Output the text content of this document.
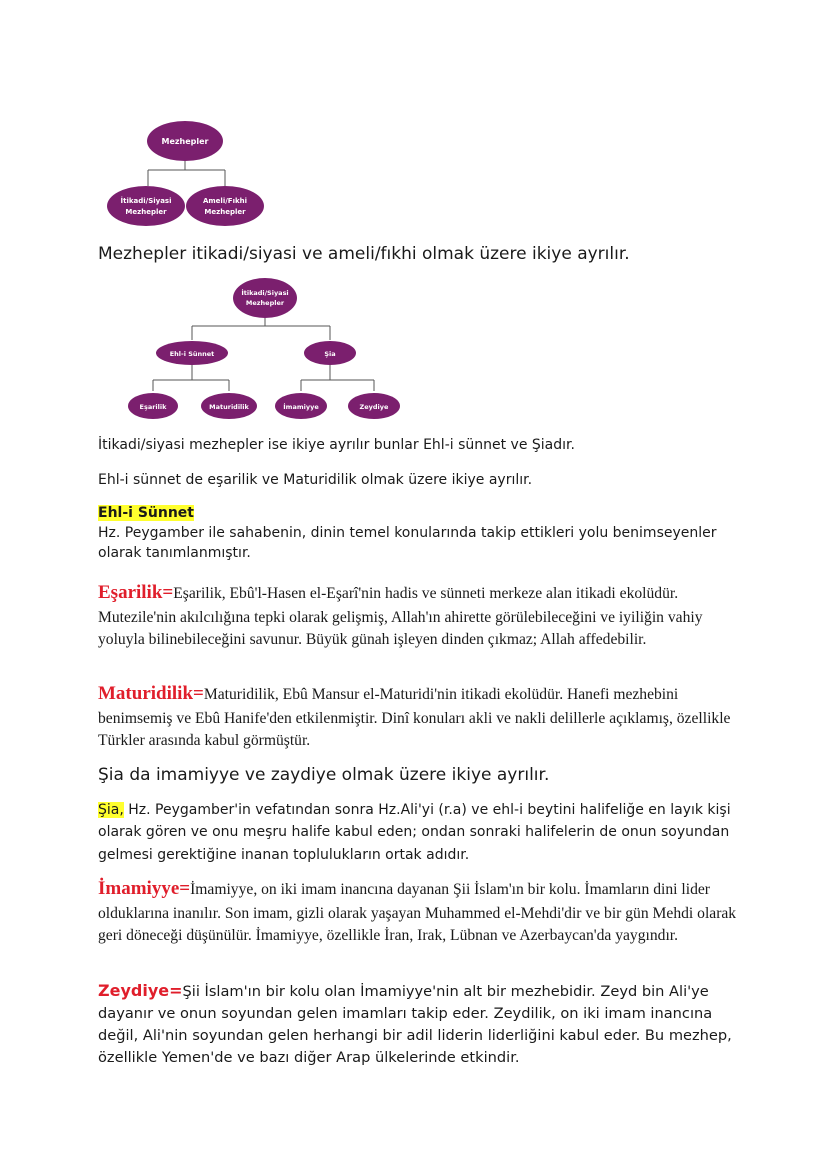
Mezhepler
İtikadi/Siyasi
Mezhepler
Ameli/Fıkhi
Mezhepler

Mezhepler itikadi/siyasi ve ameli/fıkhi olmak üzere ikiye ayrılır.

İtikadi/Siyasi
Mezhepler
Ehl-i Sünnet	Şia
Eşarilik	Maturidilik	İmamiyye	Zeydiye

İtikadi/siyasi mezhepler ise ikiye ayrılır bunlar Ehl-i sünnet ve Şiadır.

Ehl-i sünnet de eşarilik ve Maturidilik olmak üzere ikiye ayrılır.

Ehl-i Sünnet
Hz. Peygamber ile sahabenin, dinin temel konularında takip ettikleri yolu benimseyenler olarak tanımlanmıştır.

Eşarilik=Eşarilik, Ebû'l-Hasen el-Eşarî'nin hadis ve sünneti merkeze alan itikadi ekolüdür. Mutezile'nin akılcılığına tepki olarak gelişmiş, Allah'ın ahirette görülebileceğini ve iyiliğin vahiy yoluyla bilinebileceğini savunur. Büyük günah işleyen dinden çıkmaz; Allah affedebilir.

Maturidilik=Maturidilik, Ebû Mansur el-Maturidi'nin itikadi ekolüdür. Hanefi mezhebini benimsemiş ve Ebû Hanife'den etkilenmiştir. Dinî konuları akli ve nakli delillerle açıklamış, özellikle Türkler arasında kabul görmüştür.

Şia da imamiyye ve zaydiye olmak üzere ikiye ayrılır.

Şia, Hz. Peygamber'in vefatından sonra Hz.Ali'yi (r.a) ve ehl-i beytini halifeliğe en layık kişi olarak gören ve onu meşru halife kabul eden; ondan sonraki halifelerin de onun soyundan gelmesi gerektiğine inanan toplulukların ortak adıdır.

İmamiyye=İmamiyye, on iki imam inancına dayanan Şii İslam'ın bir kolu. İmamların dini lider olduklarına inanılır. Son imam, gizli olarak yaşayan Muhammed el-Mehdi'dir ve bir gün Mehdi olarak geri döneceği düşünülür. İmamiyye, özellikle İran, Irak, Lübnan ve Azerbaycan'da yaygındır.

Zeydiye=Şii İslam'ın bir kolu olan İmamiyye'nin alt bir mezhebidir. Zeyd bin Ali'ye dayanır ve onun soyundan gelen imamları takip eder. Zeydilik, on iki imam inancına değil, Ali'nin soyundan gelen herhangi bir adil liderin liderliğini kabul eder. Bu mezhep, özellikle Yemen'de ve bazı diğer Arap ülkelerinde etkindir.
